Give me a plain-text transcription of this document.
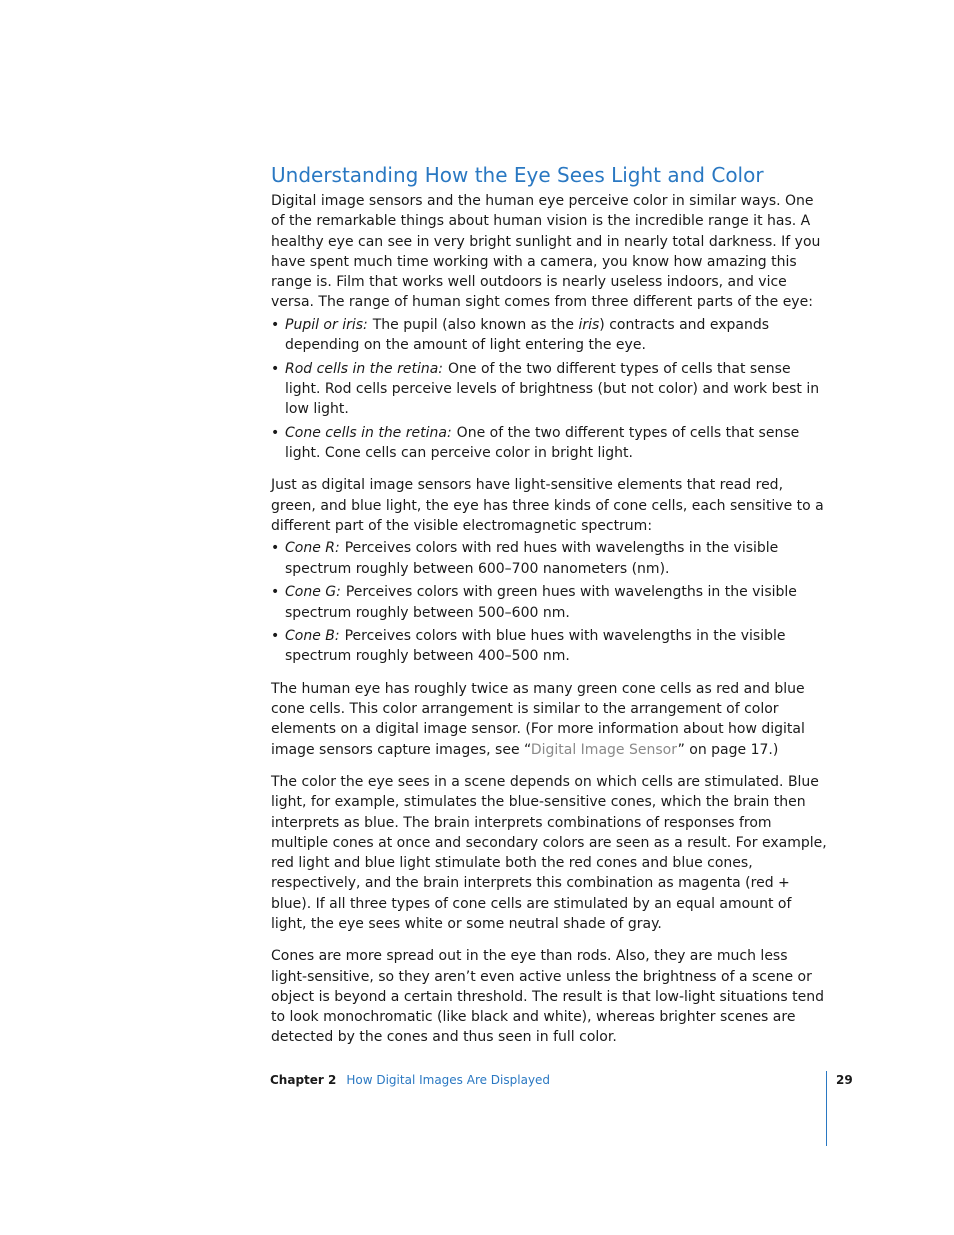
Understanding How the Eye Sees Light and Color

Digital image sensors and the human eye perceive color in similar ways. One of the remarkable things about human vision is the incredible range it has. A healthy eye can see in very bright sunlight and in nearly total darkness. If you have spent much time working with a camera, you know how amazing this range is. Film that works well outdoors is nearly useless indoors, and vice versa. The range of human sight comes from three different parts of the eye:

• Pupil or iris: The pupil (also known as the iris) contracts and expands depending on the amount of light entering the eye.
• Rod cells in the retina: One of the two different types of cells that sense light. Rod cells perceive levels of brightness (but not color) and work best in low light.
• Cone cells in the retina: One of the two different types of cells that sense light. Cone cells can perceive color in bright light.

Just as digital image sensors have light-sensitive elements that read red, green, and blue light, the eye has three kinds of cone cells, each sensitive to a different part of the visible electromagnetic spectrum:

• Cone R: Perceives colors with red hues with wavelengths in the visible spectrum roughly between 600–700 nanometers (nm).
• Cone G: Perceives colors with green hues with wavelengths in the visible spectrum roughly between 500–600 nm.
• Cone B: Perceives colors with blue hues with wavelengths in the visible spectrum roughly between 400–500 nm.

The human eye has roughly twice as many green cone cells as red and blue cone cells. This color arrangement is similar to the arrangement of color elements on a digital image sensor. (For more information about how digital image sensors capture images, see “Digital Image Sensor” on page 17.)

The color the eye sees in a scene depends on which cells are stimulated. Blue light, for example, stimulates the blue-sensitive cones, which the brain then interprets as blue. The brain interprets combinations of responses from multiple cones at once and secondary colors are seen as a result. For example, red light and blue light stimulate both the red cones and blue cones, respectively, and the brain interprets this combination as magenta (red + blue). If all three types of cone cells are stimulated by an equal amount of light, the eye sees white or some neutral shade of gray.

Cones are more spread out in the eye than rods. Also, they are much less light-sensitive, so they aren’t even active unless the brightness of a scene or object is beyond a certain threshold. The result is that low-light situations tend to look monochromatic (like black and white), whereas brighter scenes are detected by the cones and thus seen in full color.

Chapter 2 How Digital Images Are Displayed	29
